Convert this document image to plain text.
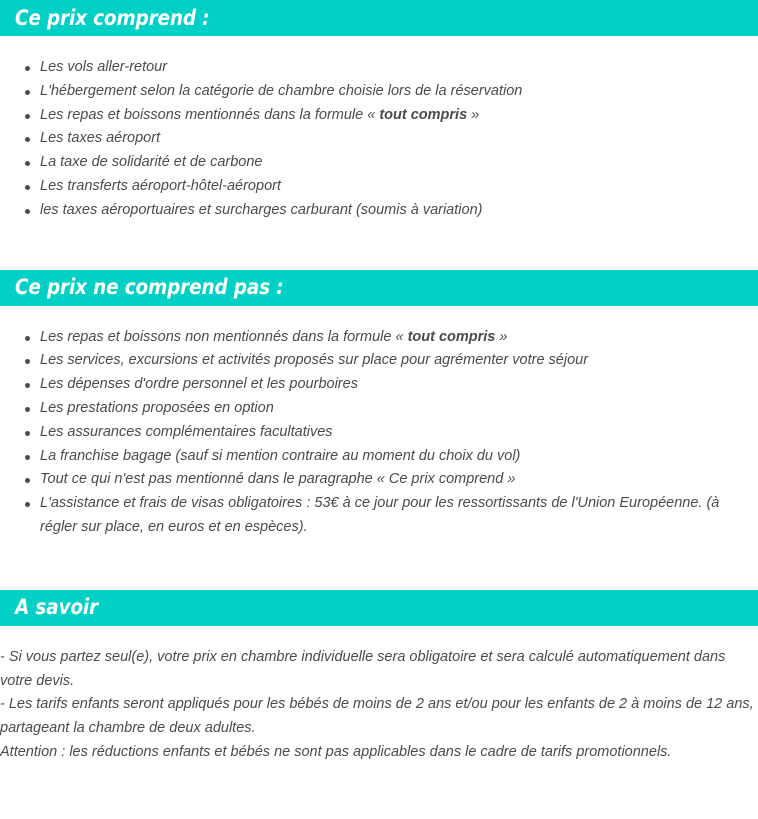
Ce prix comprend :
Les vols aller-retour
L'hébergement selon la catégorie de chambre choisie lors de la réservation
Les repas et boissons mentionnés dans la formule « tout compris »
Les taxes aéroport
La taxe de solidarité et de carbone
Les transferts aéroport-hôtel-aéroport
les taxes aéroportuaires et surcharges carburant (soumis à variation)
Ce prix ne comprend pas :
Les repas et boissons non mentionnés dans la formule « tout compris »
Les services, excursions et activités proposés sur place pour agrémenter votre séjour
Les dépenses d'ordre personnel et les pourboires
Les prestations proposées en option
Les assurances complémentaires facultatives
La franchise bagage (sauf si mention contraire au moment du choix du vol)
Tout ce qui n'est pas mentionné dans le paragraphe « Ce prix comprend »
L'assistance et frais de visas obligatoires : 53€ à ce jour pour les ressortissants de l'Union Européenne. (à régler sur place, en euros et en espèces).
A savoir

- Si vous partez seul(e), votre prix en chambre individuelle sera obligatoire et sera calculé automatiquement dans votre devis.

- Les tarifs enfants seront appliqués pour les bébés de moins de 2 ans et/ou pour les enfants de 2 à moins de 12 ans, partageant la chambre de deux adultes.

Attention : les réductions enfants et bébés ne sont pas applicables dans le cadre de tarifs promotionnels.
